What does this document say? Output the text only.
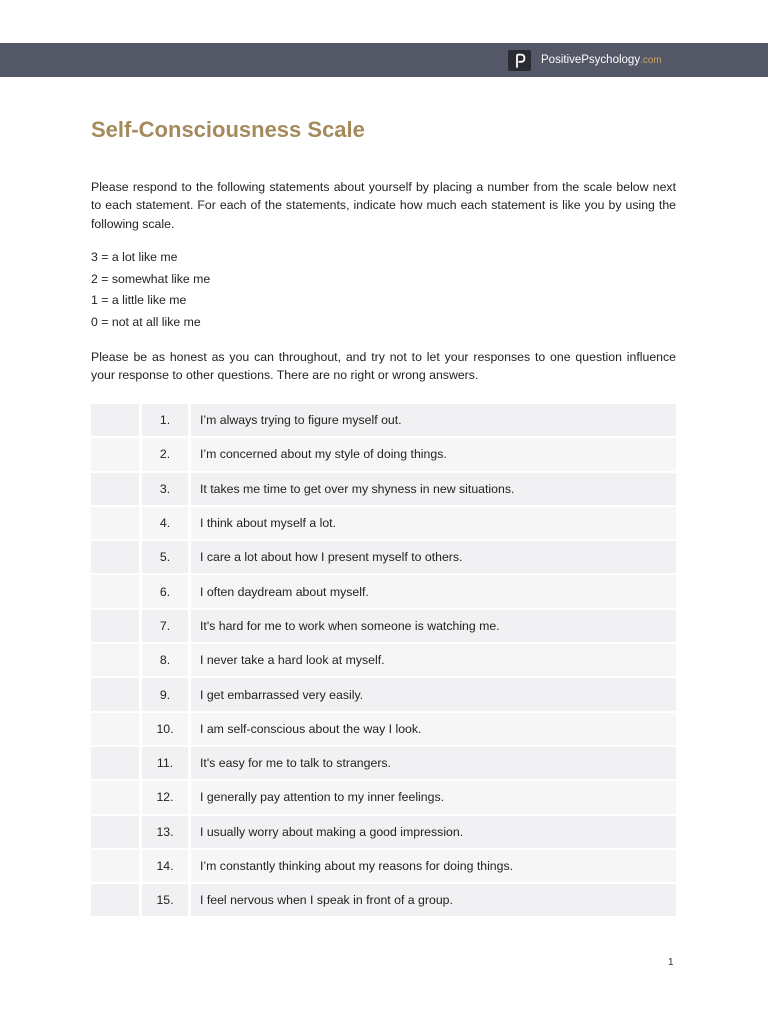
PositivePsychology.com
Self-Consciousness Scale

Please respond to the following statements about yourself by placing a number from the scale below next to each statement. For each of the statements, indicate how much each statement is like you by using the following scale.

3 = a lot like me
2 = somewhat like me
1 = a little like me
0 = not at all like me

Please be as honest as you can throughout, and try not to let your responses to one question influence your response to other questions. There are no right or wrong answers.

	1.	I’m always trying to figure myself out.
	2.	I’m concerned about my style of doing things.
	3.	It takes me time to get over my shyness in new situations.
	4.	I think about myself a lot.
	5.	I care a lot about how I present myself to others.
	6.	I often daydream about myself.
	7.	It's hard for me to work when someone is watching me.
	8.	I never take a hard look at myself.
	9.	I get embarrassed very easily.
	10.	I am self-conscious about the way I look.
	11.	It's easy for me to talk to strangers.
	12.	I generally pay attention to my inner feelings.
	13.	I usually worry about making a good impression.
	14.	I’m constantly thinking about my reasons for doing things.
	15.	I feel nervous when I speak in front of a group.
1
